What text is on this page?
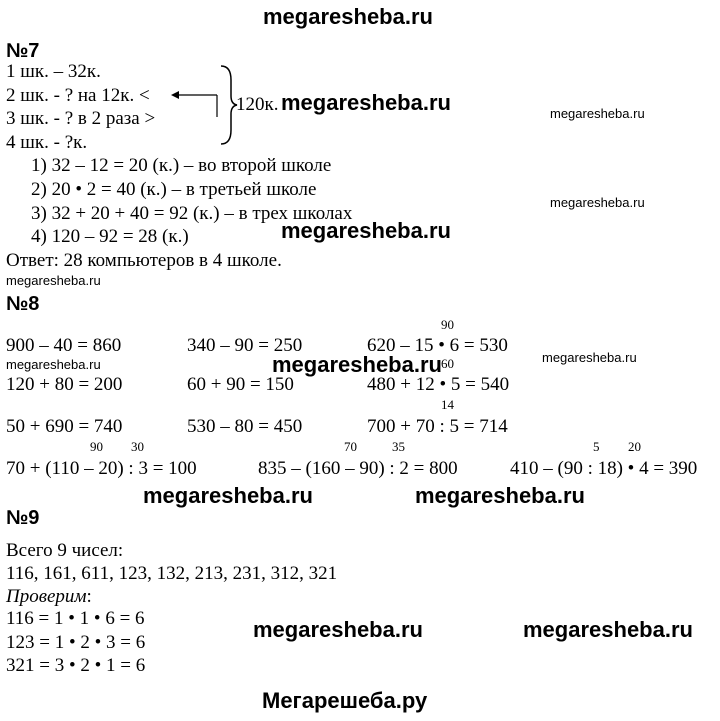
megaresheba.ru
Мегарешеба.ру
№7
1 шк. – 32к.
2 шк. - ? на 12к. <
3 шк. - ? в 2 раза >
4 шк. - ?к.
120к.
1) 32 – 12 = 20 (к.) – во второй школе
2) 20 • 2 = 40 (к.) – в третьей школе
3) 32 + 20 + 40 = 92 (к.) – в трех школах
4) 120 – 92 = 28 (к.)
Ответ: 28 компьютеров в 4 школе.
№8
900 – 40 = 860	340 – 90 = 250	620 – 15 • 6 = 530
120 + 80 = 200	60 + 90 = 150	480 + 12 • 5 = 540
50 + 690 = 740	530 – 80 = 450	700 + 70 : 5 = 714
70 + (110 – 20) : 3 = 100	835 – (160 – 90) : 2 = 800	410 – (90 : 18) • 4 = 390
90
60
14
90 30	70	35	5 20
№9
Всего 9 чисел:
116, 161, 611, 123, 132, 213, 231, 312, 321
Проверим:
116 = 1 • 1 • 6 = 6
123 = 1 • 2 • 3 = 6
321 = 3 • 2 • 1 = 6
megaresheba.ru	megaresheba.ru
megaresheba.ru
megaresheba.ru
megaresheba.ru
megaresheba.ru	megaresheba.ru	megaresheba.ru
megaresheba.ru	megaresheba.ru
megaresheba.ru	megaresheba.ru
